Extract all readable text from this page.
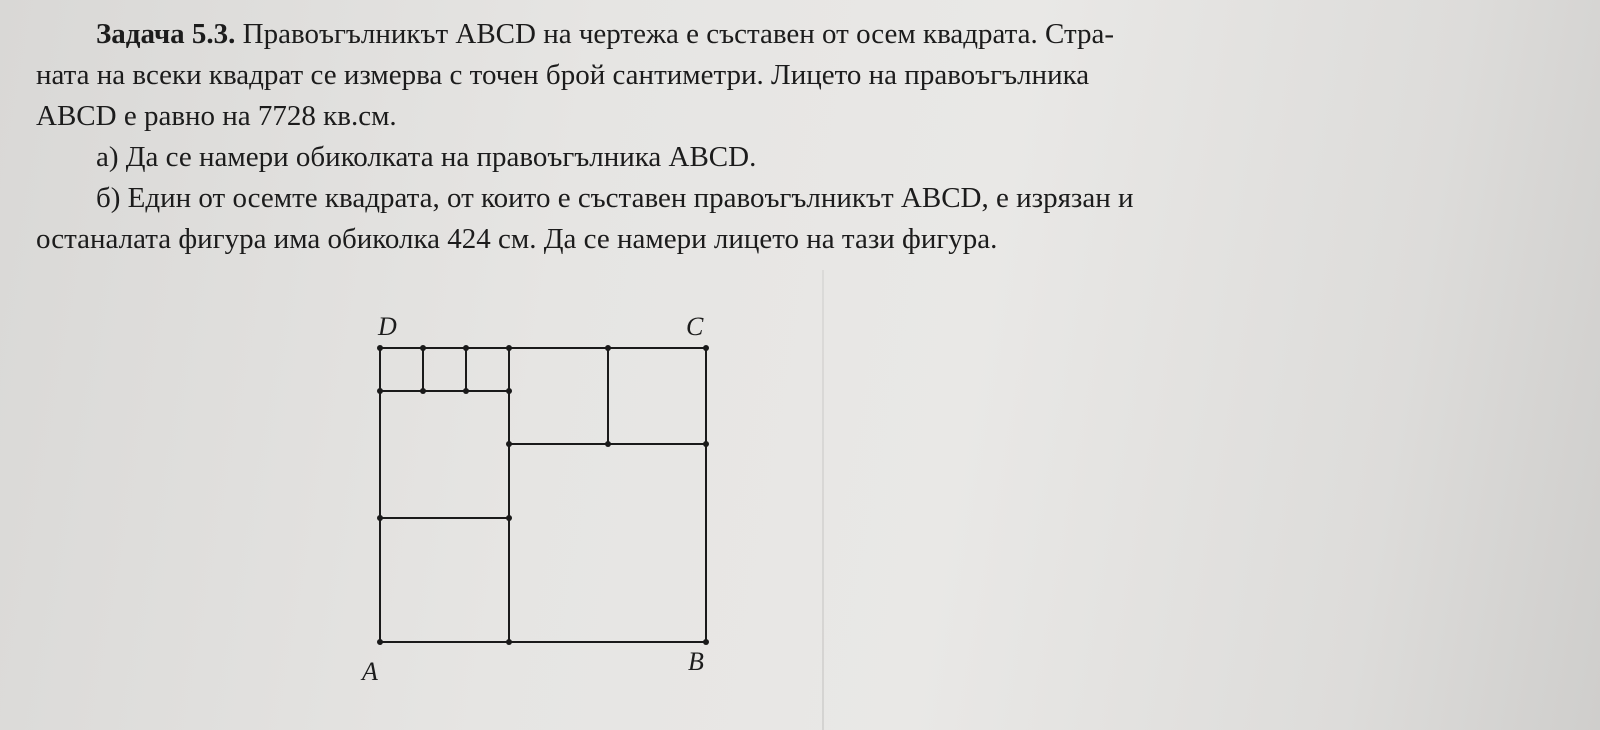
Задача 5.3. Правоъгълникът ABCD на чертежа е съставен от осем квадрата. Стра-
ната на всеки квадрат се измерва с точен брой сантиметри. Лицето на правоъгълника
ABCD е равно на 7728 кв.см.
а) Да се намери обиколката на правоъгълника ABCD.
б) Един от осемте квадрата, от които е съставен правоъгълникът ABCD, е изрязан и
останалата фигура има обиколка 424 см. Да се намери лицето на тази фигура.
D	C
A	B
